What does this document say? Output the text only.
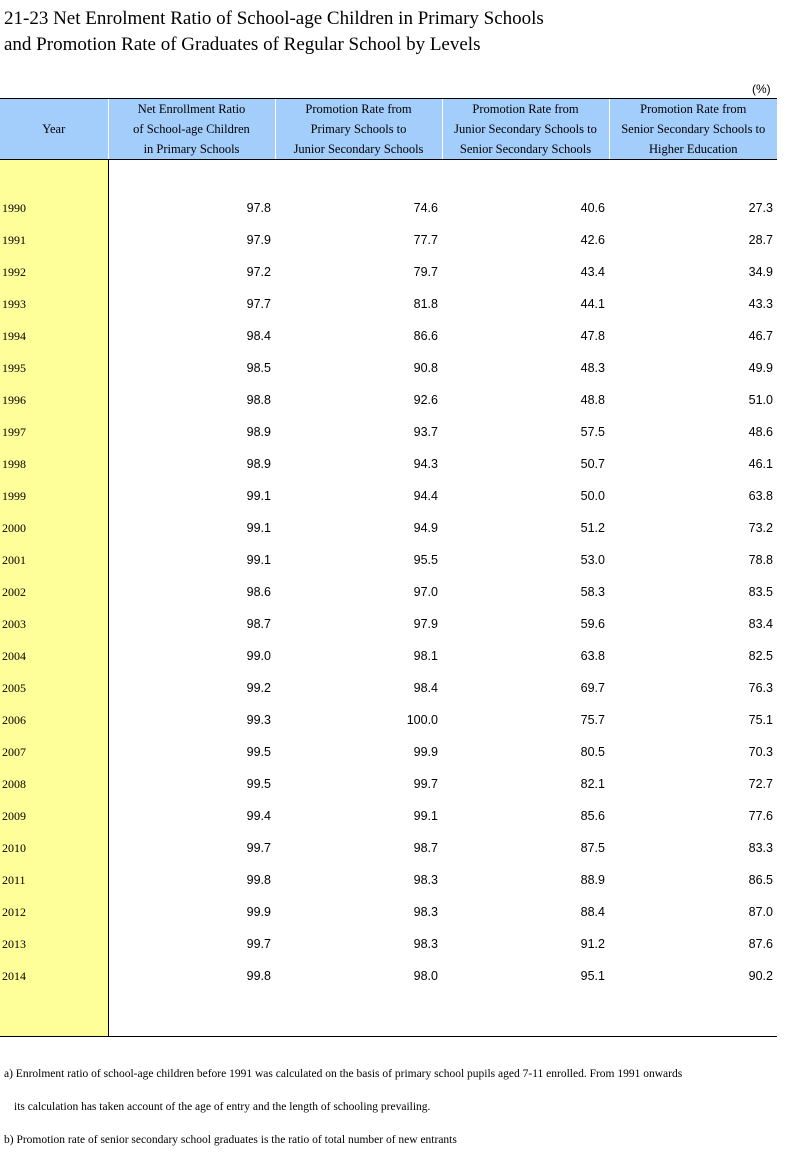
21-23 Net Enrolment Ratio of School-age Children in Primary Schools
and Promotion Rate of Graduates of Regular School by Levels
(%)
Year	Net Enrollment Ratio
of School-age Children
in Primary Schools	Promotion Rate from
Primary Schools to
Junior Secondary Schools	Promotion Rate from
Junior Secondary Schools to
Senior Secondary Schools	Promotion Rate from
Senior Secondary Schools to
Higher Education

1990	97.8	74.6	40.6	27.3
1991	97.9	77.7	42.6	28.7
1992	97.2	79.7	43.4	34.9
1993	97.7	81.8	44.1	43.3
1994	98.4	86.6	47.8	46.7
1995	98.5	90.8	48.3	49.9
1996	98.8	92.6	48.8	51.0
1997	98.9	93.7	57.5	48.6
1998	98.9	94.3	50.7	46.1
1999	99.1	94.4	50.0	63.8
2000	99.1	94.9	51.2	73.2
2001	99.1	95.5	53.0	78.8
2002	98.6	97.0	58.3	83.5
2003	98.7	97.9	59.6	83.4
2004	99.0	98.1	63.8	82.5
2005	99.2	98.4	69.7	76.3
2006	99.3	100.0	75.7	75.1
2007	99.5	99.9	80.5	70.3
2008	99.5	99.7	82.1	72.7
2009	99.4	99.1	85.6	77.6
2010	99.7	98.7	87.5	83.3
2011	99.8	98.3	88.9	86.5
2012	99.9	98.3	88.4	87.0
2013	99.7	98.3	91.2	87.6
2014	99.8	98.0	95.1	90.2

a) Enrolment ratio of school-age children before 1991 was calculated on the basis of primary school pupils aged 7-11 enrolled. From 1991 onwards
its calculation has taken account of the age of entry and the length of schooling prevailing.
b) Promotion rate of senior secondary school graduates is the ratio of total number of new entrants
